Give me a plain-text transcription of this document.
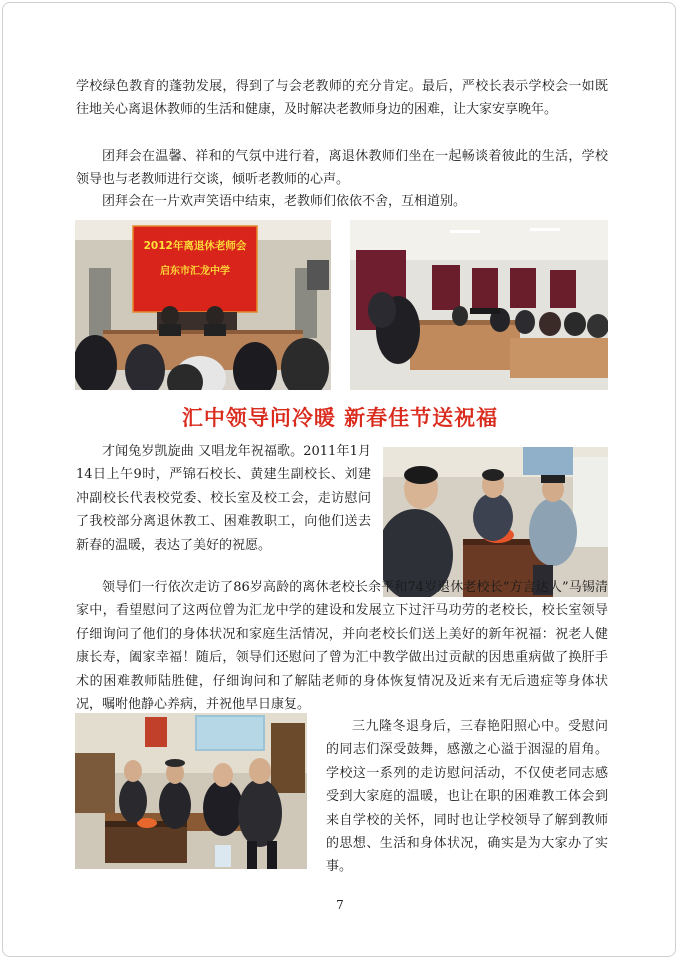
学校绿色教育的蓬勃发展，得到了与会老教师的充分肯定。最后，严校长表示学校会一如既往地关心离退休教师的生活和健康，及时解决老教师身边的困难，让大家安享晚年。

团拜会在温馨、祥和的气氛中进行着，离退休教师们坐在一起畅谈着彼此的生活，学校领导也与老教师进行交谈，倾听老教师的心声。

团拜会在一片欢声笑语中结束，老教师们依依不舍，互相道别。

2012年离退休老师会
启东市汇龙中学
汇中领导问冷暖 新春佳节送祝福

才闻兔岁凯旋曲 又唱龙年祝福歌。2011年1月14日上午9时，严锦石校长、黄建生副校长、刘建冲副校长代表校党委、校长室及校工会，走访慰问了我校部分离退休教工、困难教职工，向他们送去新春的温暖，表达了美好的祝愿。

领导们一行依次走访了86岁高龄的离休老校长余平和74岁退休老校长“方言达人”马锡清家中，看望慰问了这两位曾为汇龙中学的建设和发展立下过汗马功劳的老校长，校长室领导仔细询问了他们的身体状况和家庭生活情况，并向老校长们送上美好的新年祝福：祝老人健康长寿，阖家幸福！随后，领导们还慰问了曾为汇中教学做出过贡献的因患重病做了换肝手术的困难教师陆胜健，仔细询问和了解陆老师的身体恢复情况及近来有无后遗症等身体状况，嘱咐他静心养病，并祝他早日康复。

三九隆冬退身后，三春艳阳照心中。受慰问的同志们深受鼓舞，感激之心溢于洇湿的眉角。学校这一系列的走访慰问活动，不仅使老同志感受到大家庭的温暖，也让在职的困难教工体会到来自学校的关怀，同时也让学校领导了解到教师的思想、生活和身体状况，确实是为大家办了实事。

7
